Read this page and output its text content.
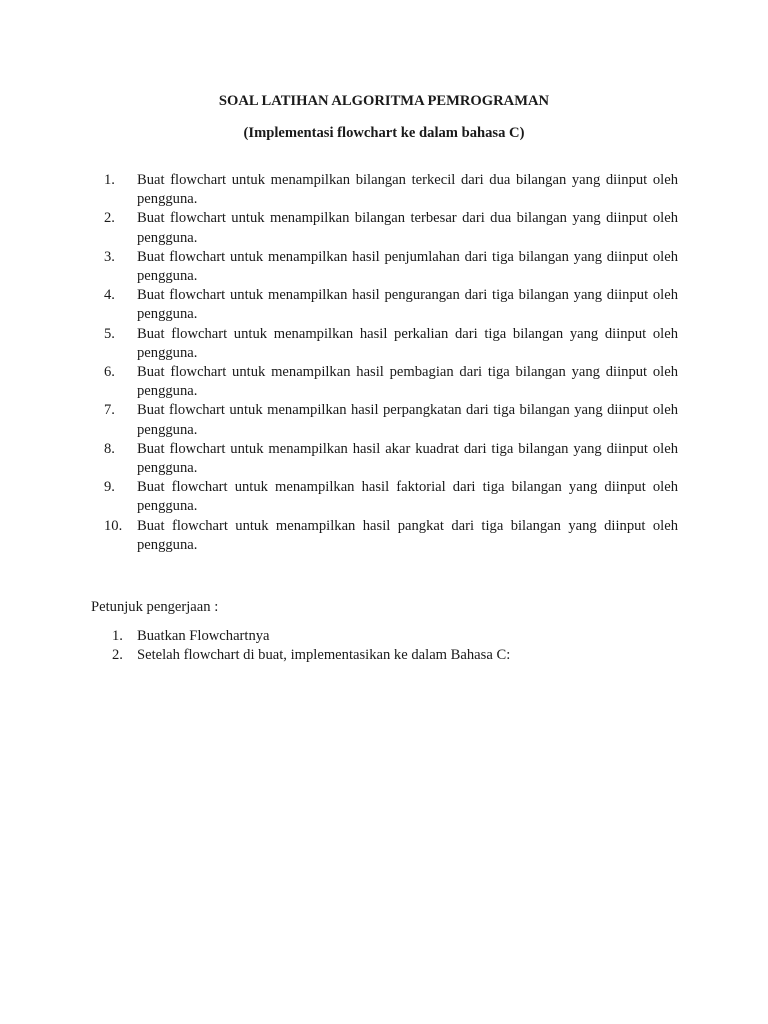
SOAL LATIHAN ALGORITMA PEMROGRAMAN

(Implementasi flowchart ke dalam bahasa C)

1.	Buat flowchart untuk menampilkan bilangan terkecil dari dua bilangan yang diinput oleh pengguna.
2.	Buat flowchart untuk menampilkan bilangan terbesar dari dua bilangan yang diinput oleh pengguna.
3.	Buat flowchart untuk menampilkan hasil penjumlahan dari tiga bilangan yang diinput oleh pengguna.
4.	Buat flowchart untuk menampilkan hasil pengurangan dari tiga bilangan yang diinput oleh pengguna.
5.	Buat flowchart untuk menampilkan hasil perkalian dari tiga bilangan yang diinput oleh pengguna.
6.	Buat flowchart untuk menampilkan hasil pembagian dari tiga bilangan yang diinput oleh pengguna.
7.	Buat flowchart untuk menampilkan hasil perpangkatan dari tiga bilangan yang diinput oleh pengguna.
8.	Buat flowchart untuk menampilkan hasil akar kuadrat dari tiga bilangan yang diinput oleh pengguna.
9.	Buat flowchart untuk menampilkan hasil faktorial dari tiga bilangan yang diinput oleh pengguna.
10.	Buat flowchart untuk menampilkan hasil pangkat dari tiga bilangan yang diinput oleh pengguna.

Petunjuk pengerjaan :

1. Buatkan Flowchartnya
2. Setelah flowchart di buat, implementasikan ke dalam Bahasa C:
